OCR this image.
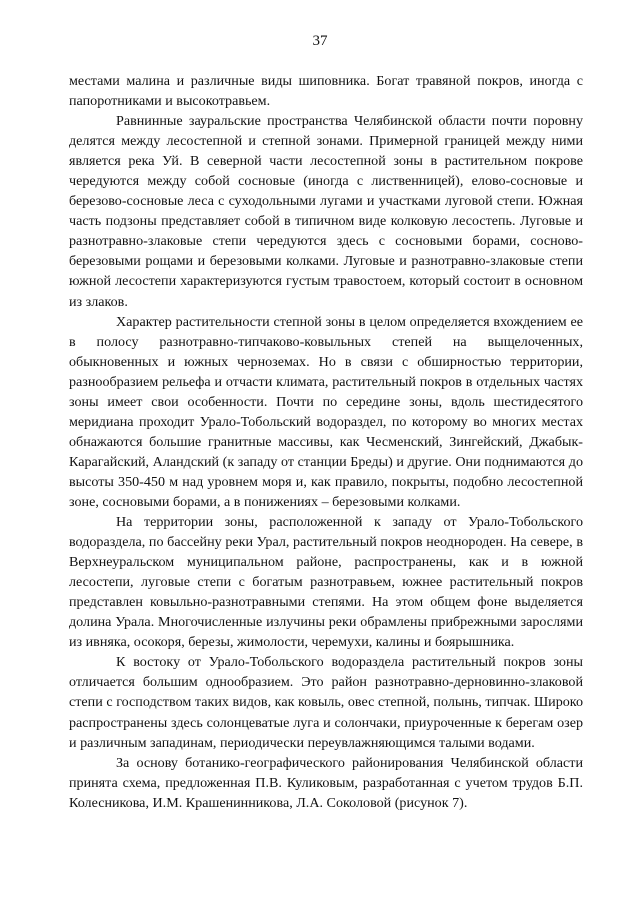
37

местами малина и различные виды шиповника. Богат травяной покров, иногда с папоротниками и высокотравьем.

Равнинные зауральские пространства Челябинской области почти поровну делятся между лесостепной и степной зонами. Примерной границей между ними является река Уй. В северной части лесостепной зоны в растительном покрове чередуются между собой сосновые (иногда с лиственницей), елово-сосновые и березово-сосновые леса с суходольными лугами и участками луговой степи. Южная часть подзоны представляет собой в типичном виде колковую лесостепь. Луговые и разнотравно-злаковые степи чередуются здесь с сосновыми борами, сосново-березовыми рощами и березовыми колками. Луговые и разнотравно-злаковые степи южной лесостепи характеризуются густым травостоем, который состоит в основном из злаков.

Характер растительности степной зоны в целом определяется вхождением ее в полосу разнотравно-типчаково-ковыльных степей на выщелоченных, обыкновенных и южных черноземах. Но в связи с обширностью территории, разнообразием рельефа и отчасти климата, растительный покров в отдельных частях зоны имеет свои особенности. Почти по середине зоны, вдоль шестидесятого меридиана проходит Урало-Тобольский водораздел, по которому во многих местах обнажаются большие гранитные массивы, как Чесменский, Зингейский, Джабык-Карагайский, Аландский (к западу от станции Бреды) и другие. Они поднимаются до высоты 350-450 м над уровнем моря и, как правило, покрыты, подобно лесостепной зоне, сосновыми борами, а в понижениях – березовыми колками.

На территории зоны, расположенной к западу от Урало-Тобольского водораздела, по бассейну реки Урал, растительный покров неоднороден. На севере, в Верхнеуральском муниципальном районе, распространены, как и в южной лесостепи, луговые степи с богатым разнотравьем, южнее растительный покров представлен ковыльно-разнотравными степями. На этом общем фоне выделяется долина Урала. Многочисленные излучины реки обрамлены прибрежными зарослями из ивняка, осокоря, березы, жимолости, черемухи, калины и боярышника.

К востоку от Урало-Тобольского водораздела растительный покров зоны отличается большим однообразием. Это район разнотравно-дерновинно-злаковой степи с господством таких видов, как ковыль, овес степной, полынь, типчак. Широко распространены здесь солонцеватые луга и солончаки, приуроченные к берегам озер и различным западинам, периодически переувлажняющимся талыми водами.

За основу ботанико-географического районирования Челябинской области принята схема, предложенная П.В. Куликовым, разработанная с учетом трудов Б.П. Колесникова, И.М. Крашенинникова, Л.А. Соколовой (рисунок 7).
